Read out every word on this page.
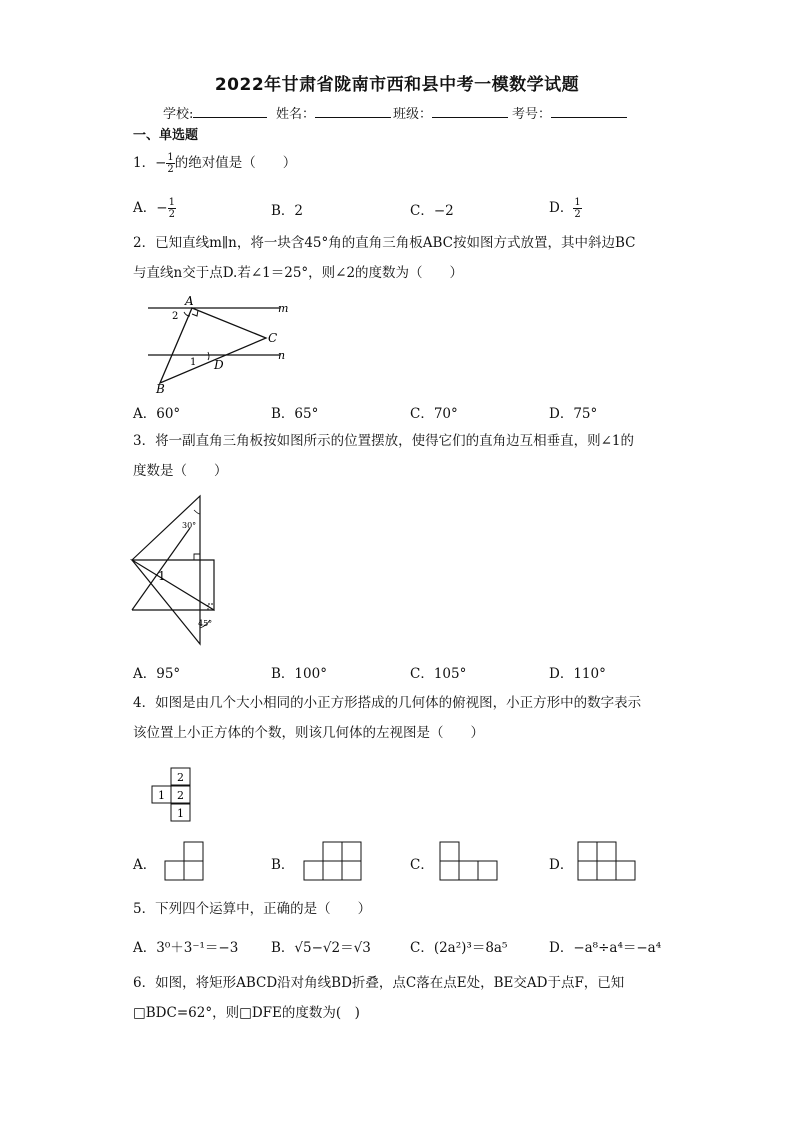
2022年甘肃省陇南市西和县中考一模数学试题
学校:	姓名：	班级：	考号：
一、单选题
1．− $\frac{1}{2}$ 的绝对值是（　　）
A．− $\frac{1}{2}$	B．2	C．−2	D． $\frac{1}{2}$
2．已知直线m∥n，将一块含45°角的直角三角板ABC按如图方式放置，其中斜边BC
与直线n交于点D.若∠1＝25°，则∠2的度数为（　　）
A
2
m
C
1 D
n
B
A．60°	B．65°	C．70°	D．75°
3．将一副直角三角板按如图所示的位置摆放，使得它们的直角边互相垂直，则∠1的
度数是（　　）
30°
1
45°
A．95°	B．100°	C．105°	D．110°
4．如图是由几个大小相同的小正方形搭成的几何体的俯视图，小正方形中的数字表示
该位置上小正方体的个数，则该几何体的左视图是（　　）
2
1 2
1
A．	B．	C．	D．
5．下列四个运算中，正确的是（　　）
A．3⁰＋3⁻¹＝−3 B．√5−√2＝√3	C．(2a²)³＝8a⁵	D．−a⁸÷a⁴＝−a⁴
6．如图，将矩形ABCD沿对角线BD折叠，点C落在点E处，BE交AD于点F，已知
□BDC=62°，则□DFE的度数为(　)
